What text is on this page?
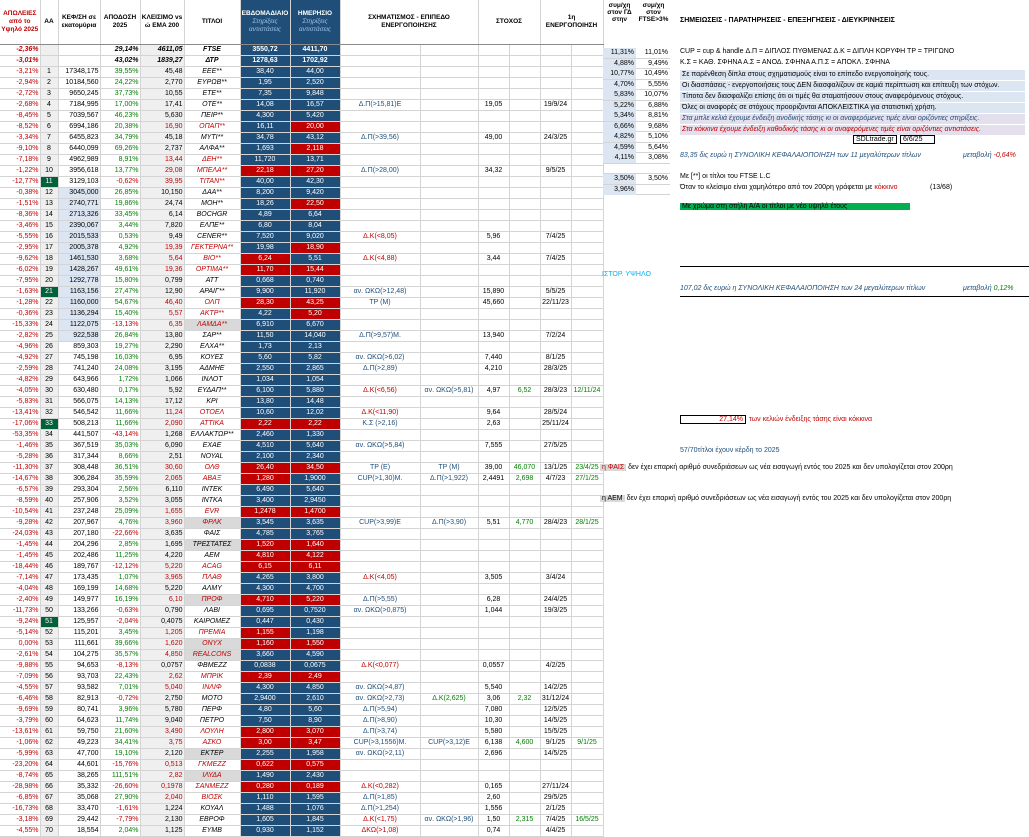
ΑΠΩΛΕΙΕΣ από το Υψηλό 2025	AA	ΚΕΦ/ΣΗ σε εκατομύρια	ΑΠΟΔΟΣΗ 2025	ΚΛΕΙΣΙΜΟ vs ώ EMA 200	ΤΙΤΛΟΙ	ΕΒΔΟΜΑΔΙΑΙΟ
Στηρίξεις αντιστάσεις	ΗΜΕΡΗΣΙΟ
Στηρίξεις αντιστάσεις	ΣΧΗΜΑΤΙΣΜΟΣ - ΕΠΙΠΕΔΟ ΕΝΕΡΓΟΠΟΙΗΣΗΣ		ΣΤΟΧΟΣ		1η ΕΝΕΡΓΟΠΟΙΗΣΗ	
-2,36%			29,14%	4611,05	FTSE	3550,72	4411,70						
-3,01%			43,02%	1839,27	ΔΤΡ	1278,63	1702,92						
-3,21%	1	17348,175	39,55%	45,48	ΕΕΕ**	38,40	44,00						
-2,94%	2	10184,560	24,22%	2,770	ΕΥΡΩΒ**	1,95	2,520						
-2,72%	3	9650,245	37,73%	10,55	ΕΤΕ**	7,35	9,848						
-2,68%	4	7184,995	17,00%	17,41	ΟΤΕ**	14,08	16,57	Δ.Π(>15,81)Ε		19,05		19/9/24	
-8,45%	5	7039,567	46,23%	5,630	ΠΕΙΡ**	4,300	5,420						
-8,52%	6	6994,186	20,38%	16,90	ΟΠΑΠ**	16,11	20,00						
-3,34%	7	6455,823	34,79%	45,18	ΜΥΤΙ**	34,78	43,12	Δ.Π(>39,56)		49,00		24/3/25	
-9,10%	8	6440,099	69,26%	2,737	ΑΛΦΑ**	1,693	2,118						
-7,18%	9	4962,989	8,91%	13,44	ΔΕΗ**	11,720	13,71						
-1,22%	10	3956,618	13,77%	29,08	ΜΠΕΛΑ**	22,18	27,20	Δ.Π(>28,00)		34,32		9/5/25	
-12,77%	11	3129,103	-0,62%	39,95	ΤΙΤΑΝ**	40,00	42,30						
-0,38%	12	3045,000	26,85%	10,150	ΔΑΑ**	8,200	9,420						
-1,51%	13	2740,771	19,86%	24,74	ΜΟΗ**	18,26	22,50						
-8,36%	14	2713,326	33,45%	6,14	BOCHGR	4,89	6,64						
-3,46%	15	2390,067	3,44%	7,820	ΕΛΠΕ**	6,80	8,04						
-5,55%	16	2015,533	0,53%	9,49	CENER**	7,520	9,020	Δ.Κ(<8,05)		5,96		7/4/25	
-2,95%	17	2005,378	4,92%	19,39	ΓΕΚΤΕΡΝΑ**	19,98	18,90						
-9,62%	18	1461,530	3,68%	5,64	ΒΙΟ**	6,24	5,51	Δ.Κ(<4,88)		3,44		7/4/25	
-6,02%	19	1428,267	49,61%	19,36	ΟΡΤΙΜΑ**	11,70	15,44						
-7,95%	20	1292,778	15,80%	0,799	ΑΤΤ	0,668	0,740						
-1,63%	21	1163,156	27,47%	12,90	ΑΡΑΙΓ**	9,900	11,920	αν. ΩΚΩ(>12,48)		15,890		5/5/25	
-1,28%	22	1160,000	54,67%	46,40	ΟΛΠ	28,30	43,25	ΤΡ (Μ)		45,660		22/11/23	
-0,36%	23	1136,294	15,40%	5,57	ΑΚΤΡ**	4,22	5,20						
-15,33%	24	1122,075	-13,13%	6,35	ΛΑΜΔΑ**	6,910	6,670						
-2,82%	25	922,538	26,84%	13,80	ΣΑΡ**	11,50	14,040	Δ.Π(>9,57)Μ.		13,940		7/2/24	
-4,96%	26	859,303	19,27%	2,290	ΕΛΧΑ**	1,73	2,13						
-4,92%	27	745,198	16,03%	6,95	ΚΟΥΕΣ	5,60	5,82	αν. ΩΚΩ(>6,02)		7,440		8/1/25	
-2,59%	28	741,240	24,08%	3,195	ΑΔΜΗΕ	2,550	2,865	Δ.Π(>2,89)		4,210		28/3/25	
-4,82%	29	643,966	1,72%	1,066	ΙΝΛΟΤ	1,034	1,054						
-4,05%	30	630,480	0,17%	5,92	ΕΥΔΑΠ**	6,100	5,880	Δ.Κ(<6,56)	αν. ΩΚΩ(>5,81)	4,97	6,52	28/3/23	12/11/24
-5,83%	31	566,075	14,13%	17,12	ΚΡΙ	13,80	14,48						
-13,41%	32	546,542	11,66%	11,24	ΟΤΟΕΛ	10,60	12,02	Δ.Κ(<11,90)		9,64		28/5/24	
-17,06%	33	508,213	11,66%	2,090	ΑΤΤΙΚΑ	2,22	2,22	Κ.Σ (>2,16)		2,63		25/11/24	
-53,35%	34	441,507	-43,14%	1,268	ΕΛΛΑΚΤΩΡ**	2,460	1,330						
-1,46%	35	367,519	35,03%	6,090	ΕΧΑΕ	4,510	5,640	αν. ΩΚΩ(>5,84)		7,555		27/5/25	
-5,28%	36	317,344	8,66%	2,51	ΝΟΥΑL	2,100	2,340						
-11,30%	37	308,448	36,51%	30,60	ΟΛΘ	26,40	34,50	ΤΡ (Ε)	ΤΡ (Μ)	39,00	46,070	13/1/25	23/4/25
-14,67%	38	306,284	35,59%	2,065	ΑΒΑΞ	1,280	1,9000	CUP(>1,30)Μ.	Δ.Π(>1,922)	2,4491	2,698	4/7/23	27/1/25
-6,57%	39	293,304	2,56%	6,110	ΙΝΤΕΚ	6,490	5,640						
-8,59%	40	257,906	3,52%	3,055	ΙΝΤΚΑ	3,400	2,9450						
-10,54%	41	237,248	25,09%	1,655	EVR	1,2478	1,4700						
-9,28%	42	207,967	4,76%	3,960	ΦΡΛΚ	3,545	3,635	CUP(>3,99)Ε	Δ.Π(>3,90)	5,51	4,770	28/4/23	28/1/25
-24,03%	43	207,180	-22,66%	3,635	ΦΑΙΣ	4,785	3,765						
-1,45%	44	204,296	2,85%	1,695	ΤΡΕΣΤΑΤΕΣ	1,520	1,640						
-1,45%	45	202,486	11,25%	4,220	ΑΕΜ	4,810	4,122						
-18,44%	46	189,767	-12,12%	5,220	ΑCAG	6,15	6,11						
-7,14%	47	173,435	1,07%	3,965	ΠΛΑΘ	4,265	3,800	Δ.Κ(<4,05)		3,505		3/4/24	
-4,04%	48	169,199	14,68%	5,220	ΑΛΜΥ	4,300	4,700						
-2,40%	49	149,977	16,19%	6,10	ΠΡΟΦ	4,710	5,220	Δ.Π(>5,55)		6,28		24/4/25	
-11,73%	50	133,266	-0,63%	0,790	ΛΑΒΙ	0,695	0,7520	αν. ΩΚΩ(>0,875)		1,044		19/3/25	
-9,24%	51	125,957	-2,04%	0,4075	ΚΑΙΡΟΜΕΖ	0,447	0,430						
-5,14%	52	115,201	3,45%	1,205	ΠΡΕΜΙΑ	1,155	1,198						
0,00%	53	111,661	39,66%	1,620	ΟΝΥΧ	1,160	1,550						
-2,61%	54	104,275	35,57%	4,850	REALCONS	3,660	4,590						
-9,88%	55	94,653	-8,13%	0,0757	ΦΒΜΕΖΖ	0,0838	0,0675	Δ.Κ(<0,077)		0,0557		4/2/25	
-7,09%	56	93,703	22,43%	2,62	ΜΠΡΙΚ	2,39	2,49						
-4,55%	57	93,582	7,01%	5,040	ΙΝΛΙΦ	4,300	4,850	αν. ΩΚΩ(>4,87)		5,540		14/2/25	
-6,46%	58	82,913	-0,72%	2,750	ΜΟΤΟ	2,9400	2,610	αν. ΩΚΩ(>2,73)	Δ.Κ(2,625)	3,06	2,32	31/12/24	
-9,69%	59	80,741	3,96%	5,780	ΠΕΡΦ	4,80	5,60	Δ.Π(>5,94)		7,080		12/5/25	
-3,79%	60	64,623	11,74%	9,040	ΠΕΤΡΟ	7,50	8,90	Δ.Π(>8,90)		10,30		14/5/25	
-13,61%	61	59,750	21,60%	3,490	ΛΟΥΛΗ	2,800	3,070	Δ.Π(>3,74)		5,580		15/5/25	
-1,06%	62	49,223	34,41%	3,75	ΑΣΚΟ	3,00	3,47	CUP(>3,1556)Μ.	CUP(>3,12)Ε	6,138	4,600	9/1/25	9/1/25
-5,99%	63	47,700	19,10%	2,120	ΕΚΤΕΡ	2,255	1,958	αν. ΩΚΩ(>2,11)		2,696		14/5/25	
-23,20%	64	44,601	-15,76%	0,513	ΓΚΜΕΖΖ	0,622	0,575						
-8,74%	65	38,265	111,51%	2,82	ΙΛΥΔΑ	1,490	2,430						
-28,98%	66	35,332	-26,60%	0,1978	ΣΑΝΜΕΖΖ	0,280	0,189	Δ.Κ(<0,282)		0,165		27/11/24	
-6,85%	67	35,068	27,90%	2,040	ΒΙΟΣΚ	1,110	1,595	Δ.Π(>1,85)		2,60		29/5/25	
-16,73%	68	33,470	-1,61%	1,224	ΚΟΥΑΛ	1,488	1,076	Δ.Π(>1,254)		1,556		2/1/25	
-3,18%	69	29,442	-7,79%	2,130	ΕΒΡΟΦ	1,605	1,845	Δ.Κ(<1,75)	αν. ΩΚΩ(>1,96)	1,50	2,315	7/4/25	16/5/25
-4,55%	70	18,554	2,04%	1,125	ΕΥΜΒ	0,930	1,152	ΔΚΩ(>1,08)		0,74		4/4/25	
συμ/χη στον ΓΔ στην
συμ/χη στον FTSE>3%
11,31%	11,01%
4,88%	9,49%
10,77%	10,49%
4,70%	5,55%
5,83%	10,07%
5,22%	6,88%
5,34%	8,81%
6,66%	9,68%
4,82%	5,10%
4,59%	5,64%
4,11%	3,08%
3,50%	3,50%
3,96%
ΣΗΜΕΙΩΣΕΙΣ - ΠΑΡΑΤΗΡΗΣΕΙΣ - ΕΠΕΞΗΓΗΣΕΙΣ - ΔΙΕΥΚΡΙΝΗΣΕΙΣ
CUP = cup & handle Δ.Π = ΔΙΠΛΟΣ ΠΥΘΜΕΝΑΣ Δ.Κ = ΔΙΠΛΗ ΚΟΡΥΦΗ ΤΡ = ΤΡΙΓΩΝΟ
Κ.Σ = ΚΑΘ. ΣΦΗΝΑ Α.Σ = ΑΝΟΔ. ΣΦΗΝΑ Α.Π.Σ = ΑΠΟΚΛ. ΣΦΗΝΑ
Σε παρένθεση δίπλα στους σχηματισμούς είναι το επίπεδο ενεργοποίησής τους.
Οι διασπάσεις - ενεργοποιήσεις τους ΔΕΝ διασφαλίζουν σε καμιά περίπτωση και επίτευξη των στόχων.
Τίποτα δεν διασφαλίζει επίσης ότι οι τιμές θα σταματήσουν στους αναφερόμενους στόχους.
Όλες οι αναφορές σε στόχους προοριζονται ΑΠΟΚΛΕΙΣΤΙΚΑ για στατιστική χρήση.
Στα μπλε κελιά έχουμε ένδειξη ανοδικής τάσης κι οι αναφερόμενες τιμές είναι οριζόντιες στηρίξεις.
Στα κόκκινα έχουμε ένδειξη καθοδικής τάσης κι οι αναφερόμενες τιμές είναι οριζόντιες αντιστάσεις.
SDLtrade.gr	6/6/25
83,35 δις ευρώ η ΣΥΝΟΛΙΚΗ ΚΕΦΑΛΑΙΟΠΟΙΗΣΗ των 11 μεγαλύτερων τίτλων	μεταβολή -0,64%
Με [**] οι τίτλοι του FTSE L.C
Όταν το κλείσιμο είναι χαμηλότερο από τον 200ρη γράφεται με κόκκινο	(13/68)
Με χρώμα στη στήλη Α/Α οι τίτλοι με νέο υψηλό έτους
ΙΣΤΟΡ. ΥΨΗΛΟ
107,02 δις ευρώ η ΣΥΝΟΛΙΚΗ ΚΕΦΑΛΑΙΟΠΟΙΗΣΗ των 24 μεγαλύτερων τίτλων	μεταβολή 0,12%
27,14% των κελιών ένδειξης τάσης είναι κόκκινα
57/70τίτλοι έχουν κέρδη το 2025
η ΦΑΙΣ δεν έχει επαρκή αριθμό συνεδριάσεων ως νέα εισαγωγή εντός του 2025 και δεν υπολογίζεται στον 200ρη
η ΑΕΜ δεν έχει επαρκή αριθμό συνεδριάσεων ως νέα εισαγωγή εντός του 2025 και δεν υπολογίζεται στον 200ρη
